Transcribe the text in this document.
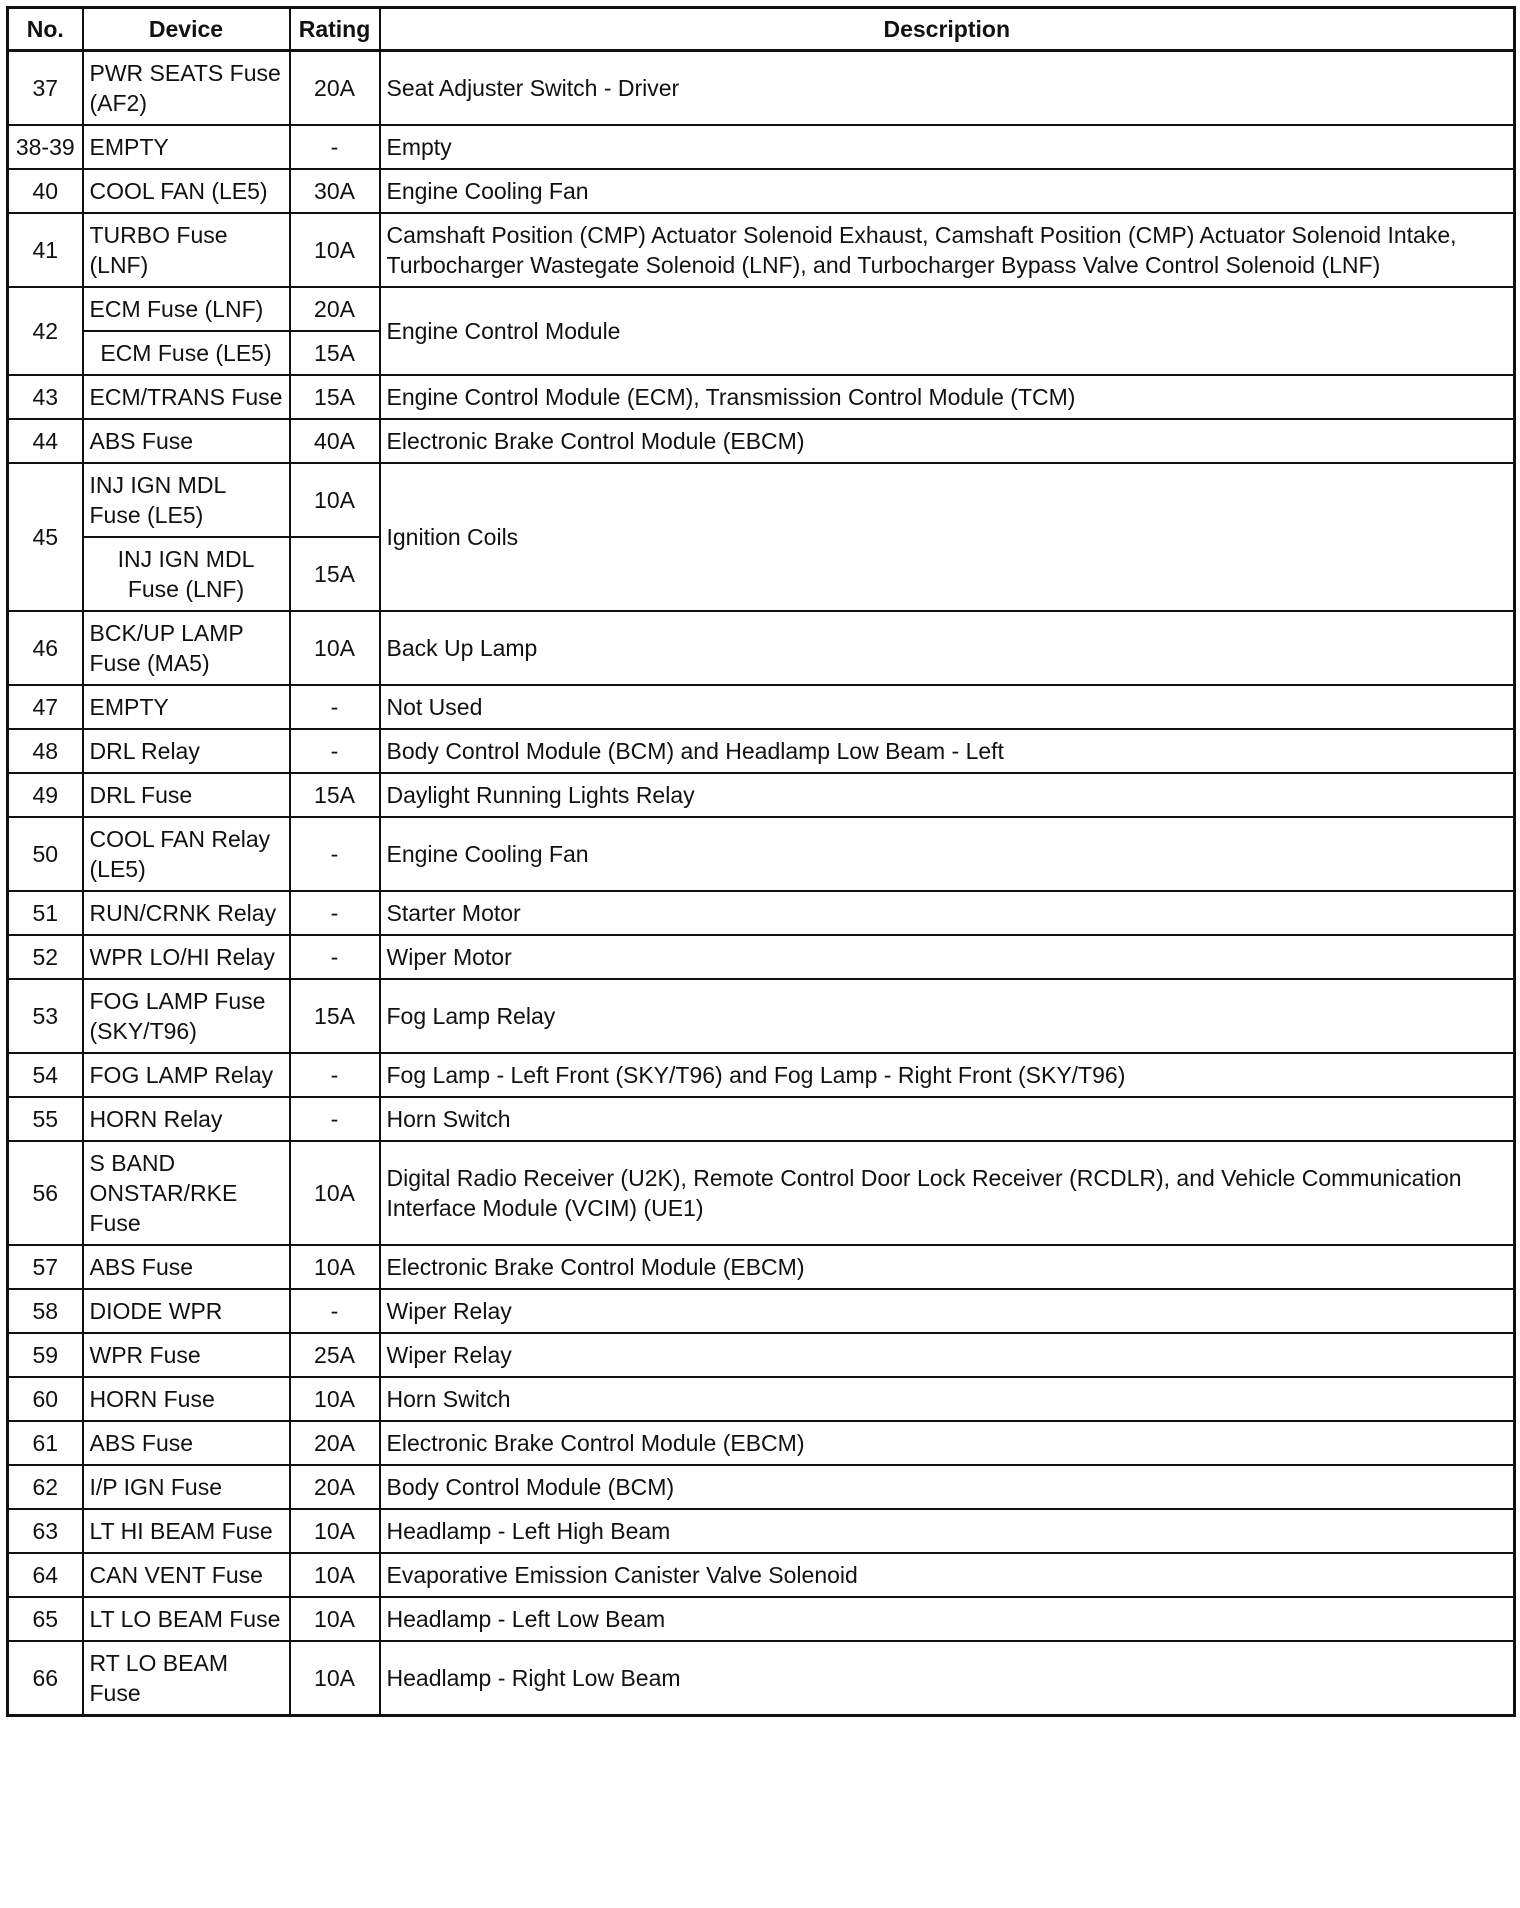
No.	Device	Rating	Description
37	PWR SEATS Fuse (AF2)	20A	Seat Adjuster Switch - Driver
38-39	EMPTY	-	Empty
40	COOL FAN (LE5)	30A	Engine Cooling Fan
41	TURBO Fuse (LNF)	10A	Camshaft Position (CMP) Actuator Solenoid Exhaust, Camshaft Position (CMP) Actuator Solenoid Intake, Turbocharger Wastegate Solenoid (LNF), and Turbocharger Bypass Valve Control Solenoid (LNF)
42	ECM Fuse (LNF)	20A	Engine Control Module
	ECM Fuse (LE5)	15A	
43	ECM/TRANS Fuse	15A	Engine Control Module (ECM), Transmission Control Module (TCM)
44	ABS Fuse	40A	Electronic Brake Control Module (EBCM)
45	INJ IGN MDL Fuse (LE5)	10A	Ignition Coils
	INJ IGN MDL Fuse (LNF)	15A	
46	BCK/UP LAMP Fuse (MA5)	10A	Back Up Lamp
47	EMPTY	-	Not Used
48	DRL Relay	-	Body Control Module (BCM) and Headlamp Low Beam - Left
49	DRL Fuse	15A	Daylight Running Lights Relay
50	COOL FAN Relay (LE5)	-	Engine Cooling Fan
51	RUN/CRNK Relay	-	Starter Motor
52	WPR LO/HI Relay	-	Wiper Motor
53	FOG LAMP Fuse (SKY/T96)	15A	Fog Lamp Relay
54	FOG LAMP Relay	-	Fog Lamp - Left Front (SKY/T96) and Fog Lamp - Right Front (SKY/T96)
55	HORN Relay	-	Horn Switch
56	S BAND ONSTAR/RKE Fuse	10A	Digital Radio Receiver (U2K), Remote Control Door Lock Receiver (RCDLR), and Vehicle Communication Interface Module (VCIM) (UE1)
57	ABS Fuse	10A	Electronic Brake Control Module (EBCM)
58	DIODE WPR	-	Wiper Relay
59	WPR Fuse	25A	Wiper Relay
60	HORN Fuse	10A	Horn Switch
61	ABS Fuse	20A	Electronic Brake Control Module (EBCM)
62	I/P IGN Fuse	20A	Body Control Module (BCM)
63	LT HI BEAM Fuse	10A	Headlamp - Left High Beam
64	CAN VENT Fuse	10A	Evaporative Emission Canister Valve Solenoid
65	LT LO BEAM Fuse	10A	Headlamp - Left Low Beam
66	RT LO BEAM Fuse	10A	Headlamp - Right Low Beam
